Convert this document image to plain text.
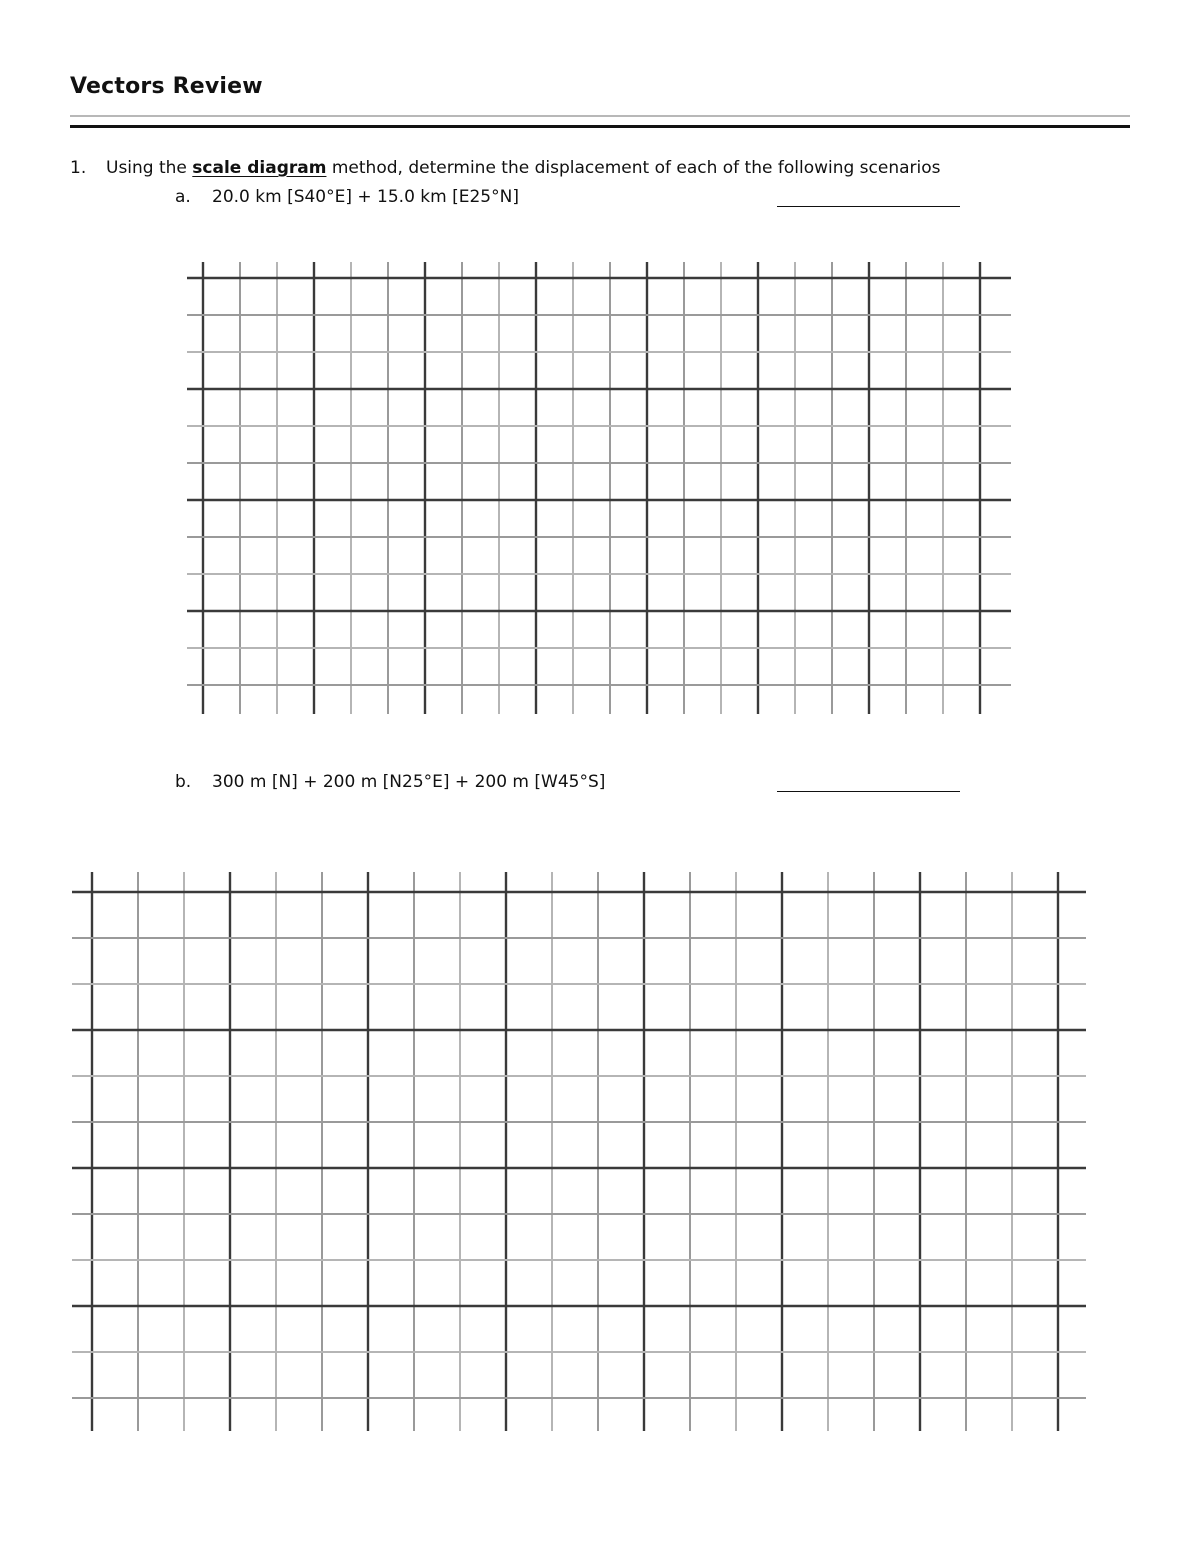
Vectors Review
1. Using the scale diagram method, determine the displacement of each of the following scenarios
a. 20.0 km [S40°E] + 15.0 km [E25°N]
b. 300 m [N] + 200 m [N25°E] + 200 m [W45°S]
